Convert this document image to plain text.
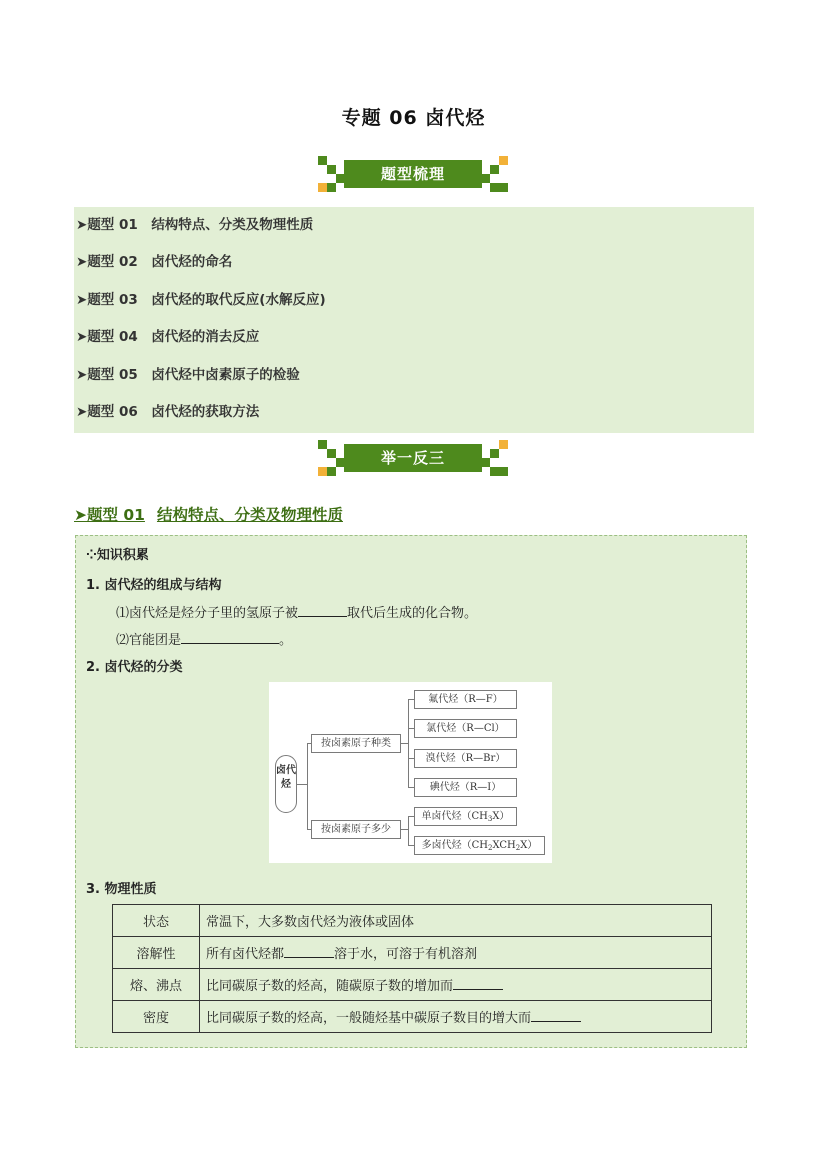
专题 06 卤代烃
题型梳理
➤题型 01 结构特点、分类及物理性质
➤题型 02 卤代烃的命名
➤题型 03 卤代烃的取代反应(水解反应)
➤题型 04 卤代烃的消去反应
➤题型 05 卤代烃中卤素原子的检验
➤题型 06 卤代烃的获取方法
举一反三
➤题型 01 结构特点、分类及物理性质
⁘知识积累
1. 卤代烃的组成与结构
⑴卤代烃是烃分子里的氢原子被	取代后生成的化合物。
⑵官能团是	。
2. 卤代烃的分类
卤代烃
按卤素原子种类
按卤素原子多少
氟代烃（R—F）
氯代烃（R—Cl）
溴代烃（R—Br）
碘代烃（R—I）
单卤代烃$(CH_3X)$
多卤代烃$(CH_2XCH_2X)$
3. 物理性质
状态	常温下，大多数卤代烃为液体或固体
溶解性	所有卤代烃都 溶于水，可溶于有机溶剂
熔、沸点	比同碳原子数的烃高，随碳原子数的增加而
密度	比同碳原子数的烃高，一般随烃基中碳原子数目的增大而
